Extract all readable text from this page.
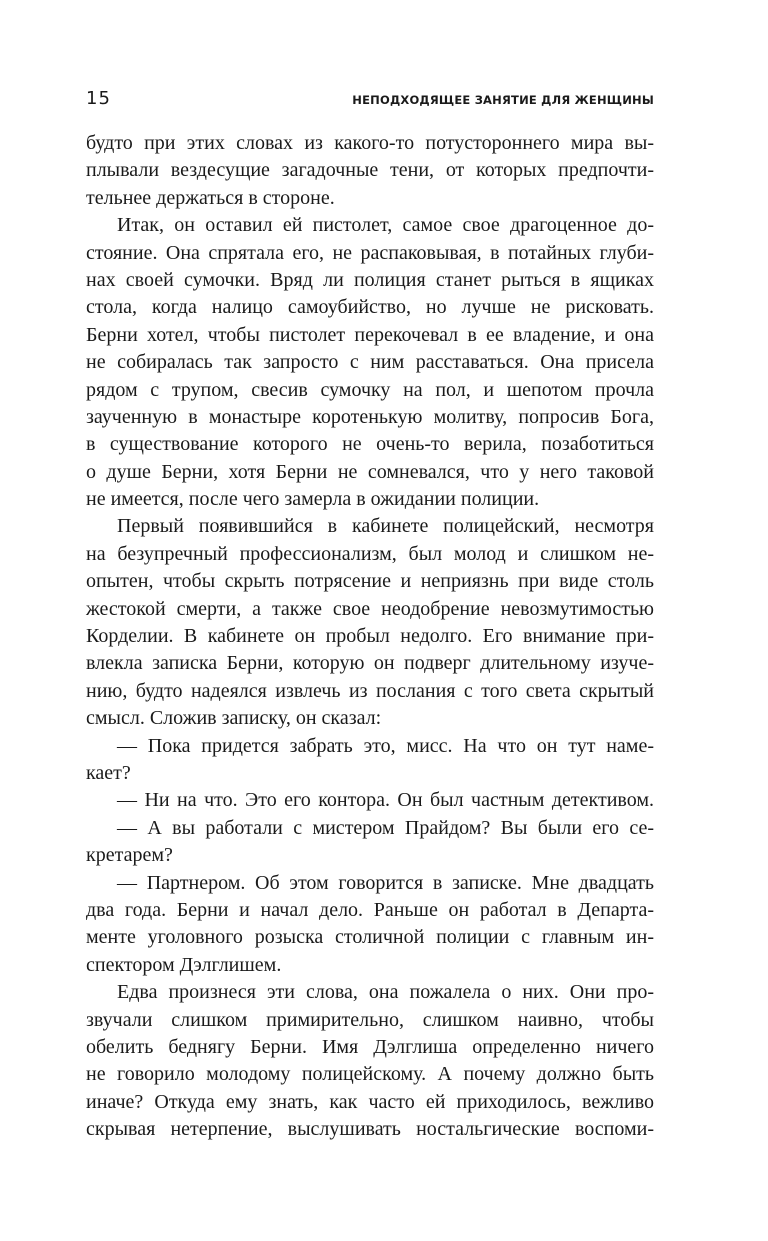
15	НЕПОДХОДЯЩЕЕ ЗАНЯТИЕ ДЛЯ ЖЕНЩИНЫ
будто при этих словах из какого-то потустороннего мира вы-
плывали вездесущие загадочные тени, от которых предпочти-
тельнее держаться в стороне.
Итак, он оставил ей пистолет, самое свое драгоценное до-
стояние. Она спрятала его, не распаковывая, в потайных глуби-
нах своей сумочки. Вряд ли полиция станет рыться в ящиках
стола, когда налицо самоубийство, но лучше не рисковать.
Берни хотел, чтобы пистолет перекочевал в ее владение, и она
не собиралась так запросто с ним расставаться. Она присела
рядом с трупом, свесив сумочку на пол, и шепотом прочла
заученную в монастыре коротенькую молитву, попросив Бога,
в существование которого не очень-то верила, позаботиться
о душе Берни, хотя Берни не сомневался, что у него таковой
не имеется, после чего замерла в ожидании полиции.
Первый появившийся в кабинете полицейский, несмотря
на безупречный профессионализм, был молод и слишком не-
опытен, чтобы скрыть потрясение и неприязнь при виде столь
жестокой смерти, а также свое неодобрение невозмутимостью
Корделии. В кабинете он пробыл недолго. Его внимание при-
влекла записка Берни, которую он подверг длительному изуче-
нию, будто надеялся извлечь из послания с того света скрытый
смысл. Сложив записку, он сказал:
— Пока придется забрать это, мисс. На что он тут наме-
кает?
— Ни на что. Это его контора. Он был частным детективом.
— А вы работали с мистером Прайдом? Вы были его се-
кретарем?
— Партнером. Об этом говорится в записке. Мне двадцать
два года. Берни и начал дело. Раньше он работал в Департа-
менте уголовного розыска столичной полиции с главным ин-
спектором Дэлглишем.
Едва произнеся эти слова, она пожалела о них. Они про-
звучали слишком примирительно, слишком наивно, чтобы
обелить беднягу Берни. Имя Дэлглиша определенно ничего
не говорило молодому полицейскому. А почему должно быть
иначе? Откуда ему знать, как часто ей приходилось, вежливо
скрывая нетерпение, выслушивать ностальгические воспоми-
